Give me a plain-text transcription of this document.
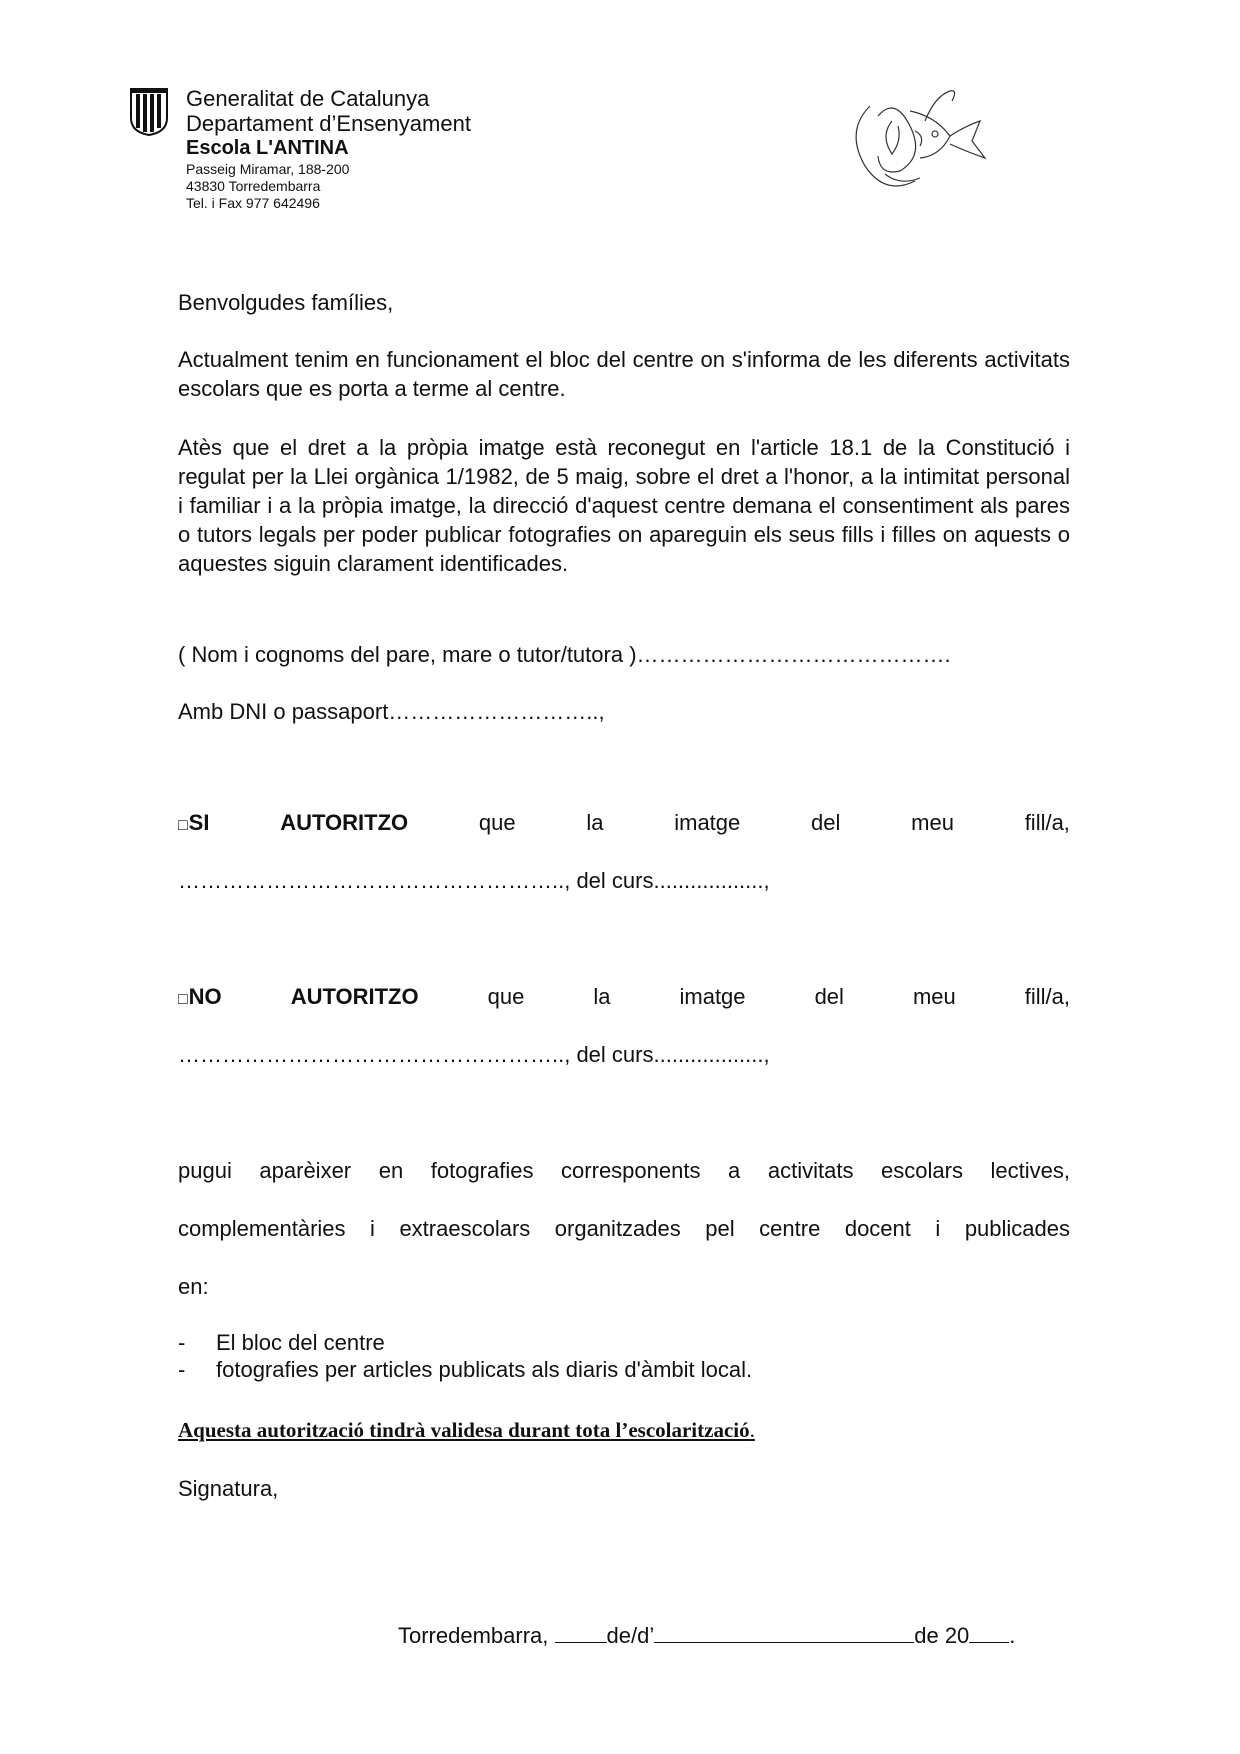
Generalitat de Catalunya
Departament d’Ensenyament
Escola L'ANTINA
Passeig Miramar, 188-200
43830 Torredembarra
Tel. i Fax 977 642496

Benvolgudes famílies,

Actualment tenim en funcionament el bloc del centre on s'informa de les diferents activitats escolars que es porta a terme al centre.

Atès que el dret a la pròpia imatge està reconegut en l'article 18.1 de la Constitució i regulat per la Llei orgànica 1/1982, de 5 maig, sobre el dret a l'honor, a la intimitat personal i familiar i a la pròpia imatge, la direcció d'aquest centre demana el consentiment als pares o tutors legals per poder publicar fotografies on apareguin els seus fills i filles on aquests o aquestes siguin clarament identificades.

( Nom i cognoms del pare, mare o tutor/tutora )…………………………………….

Amb DNI o passaport………………………..,

□SI	AUTORITZO	que	la	imatge	del	meu	fill/a,

…………………………………………….., del curs..................,

□NO	AUTORITZO	que	la	imatge	del	meu	fill/a,

…………………………………………….., del curs..................,

pugui aparèixer en fotografies corresponents a activitats escolars lectives,

complementàries i extraescolars organitzades pel centre docent i publicades

en:

-	El bloc del centre
-	fotografies per articles publicats als diaris d'àmbit local.
Aquesta autorització tindrà validesa durant tota l’escolarització.

Signatura,

Torredembarra,	de/d’	de 20 .
